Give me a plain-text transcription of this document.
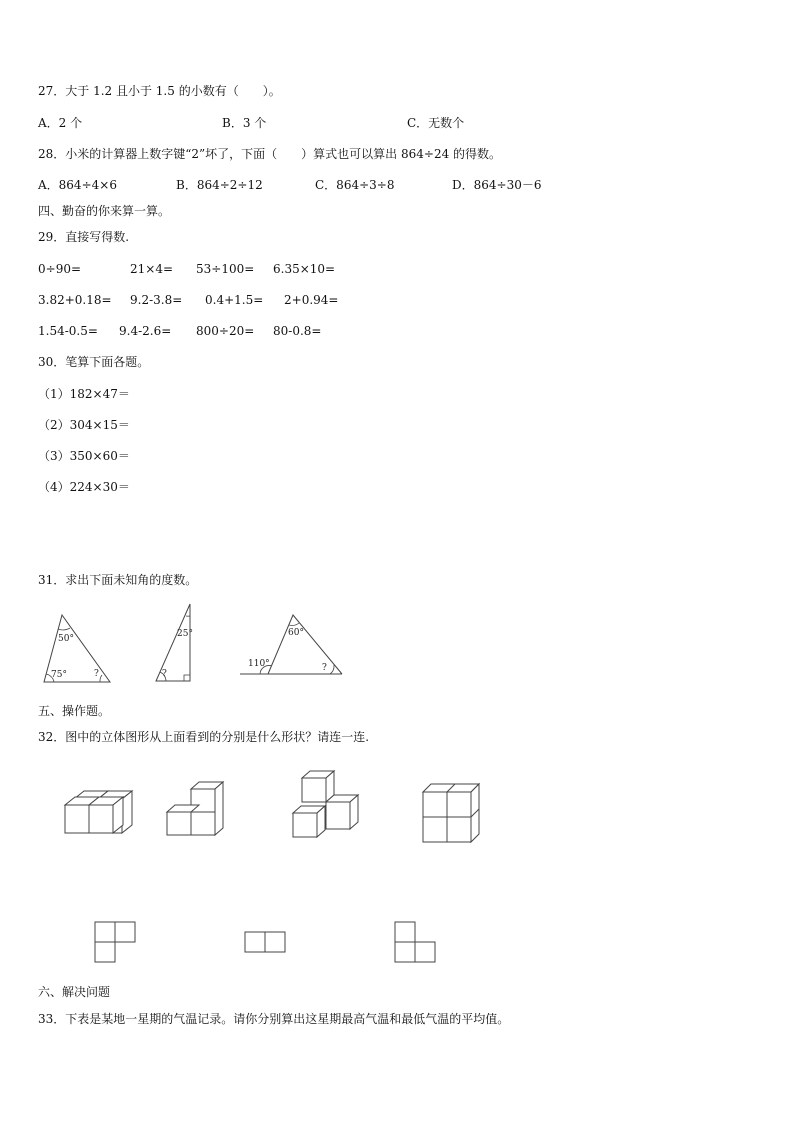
27．大于 1.2 且小于 1.5 的小数有（　　）。
A．2 个	B．3 个	C．无数个
28．小米的计算器上数字键“2”坏了，下面（　　）算式也可以算出 864÷24 的得数。
A．864÷4×6	B．864÷2÷12	C．864÷3÷8	D．864÷30－6
四、勤奋的你来算一算。
29．直接写得数.
0÷90=	21×4= 53÷100= 6.35×10=
3.82+0.18= 9.2-3.8= 0.4+1.5= 2+0.94=
1.54-0.5= 9.4-2.6= 800÷20= 80-0.8=
30．笔算下面各题。
（1）182×47＝
（2）304×15＝
（3）350×60＝
（4）224×30＝
31．求出下面未知角的度数。
50°
75°	?
25°
?
60°
110°	?
五、操作题。
32．图中的立体图形从上面看到的分别是什么形状？请连一连.
六、解决问题
33．下表是某地一星期的气温记录。请你分别算出这星期最高气温和最低气温的平均值。
